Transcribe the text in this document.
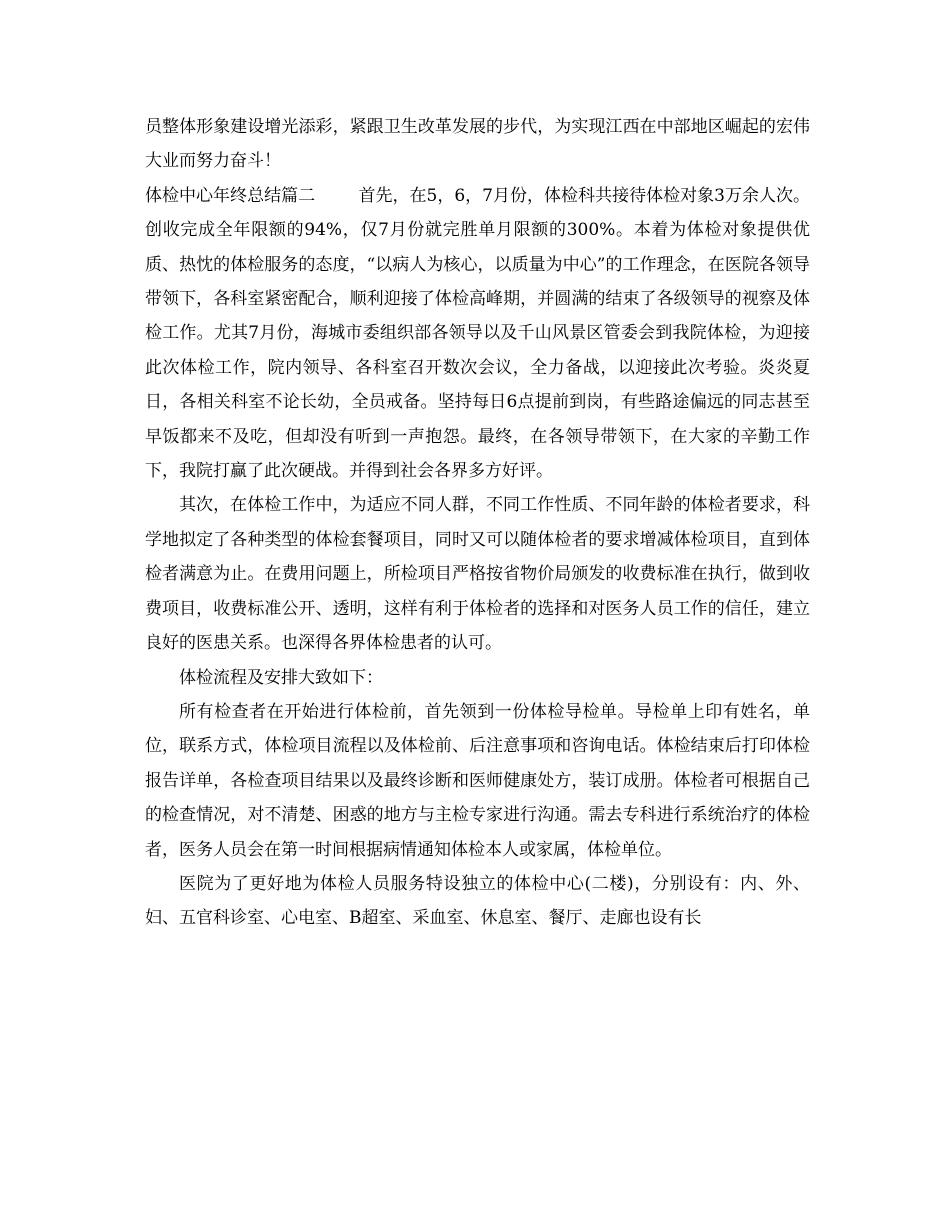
员整体形象建设增光添彩，紧跟卫生改革发展的步代，为实现江西在中部地区崛起的宏伟大业而努力奋斗！

体检中心年终总结篇二	首先，在5，6，7月份，体检科共接待体检对象3万余人次。创收完成全年限额的94%，仅7月份就完胜单月限额的300%。本着为体检对象提供优质、热忱的体检服务的态度，“以病人为核心，以质量为中心”的工作理念，在医院各领导带领下，各科室紧密配合，顺利迎接了体检高峰期，并圆满的结束了各级领导的视察及体检工作。尤其7月份，海城市委组织部各领导以及千山风景区管委会到我院体检，为迎接此次体检工作，院内领导、各科室召开数次会议，全力备战，以迎接此次考验。炎炎夏日，各相关科室不论长幼，全员戒备。坚持每日6点提前到岗，有些路途偏远的同志甚至早饭都来不及吃，但却没有听到一声抱怨。最终，在各领导带领下，在大家的辛勤工作下，我院打赢了此次硬战。并得到社会各界多方好评。

其次，在体检工作中，为适应不同人群，不同工作性质、不同年龄的体检者要求，科学地拟定了各种类型的体检套餐项目，同时又可以随体检者的要求增减体检项目，直到体检者满意为止。在费用问题上，所检项目严格按省物价局颁发的收费标准在执行，做到收费项目，收费标准公开、透明，这样有利于体检者的选择和对医务人员工作的信任，建立良好的医患关系。也深得各界体检患者的认可。

体检流程及安排大致如下：

所有检查者在开始进行体检前，首先领到一份体检导检单。导检单上印有姓名，单位，联系方式，体检项目流程以及体检前、后注意事项和咨询电话。体检结束后打印体检报告详单，各检查项目结果以及最终诊断和医师健康处方，装订成册。体检者可根据自己的检查情况，对不清楚、困惑的地方与主检专家进行沟通。需去专科进行系统治疗的体检者，医务人员会在第一时间根据病情通知体检本人或家属，体检单位。

医院为了更好地为体检人员服务特设独立的体检中心(二楼)，分别设有：内、外、妇、五官科诊室、心电室、B超室、采血室、休息室、餐厅、走廊也设有长
